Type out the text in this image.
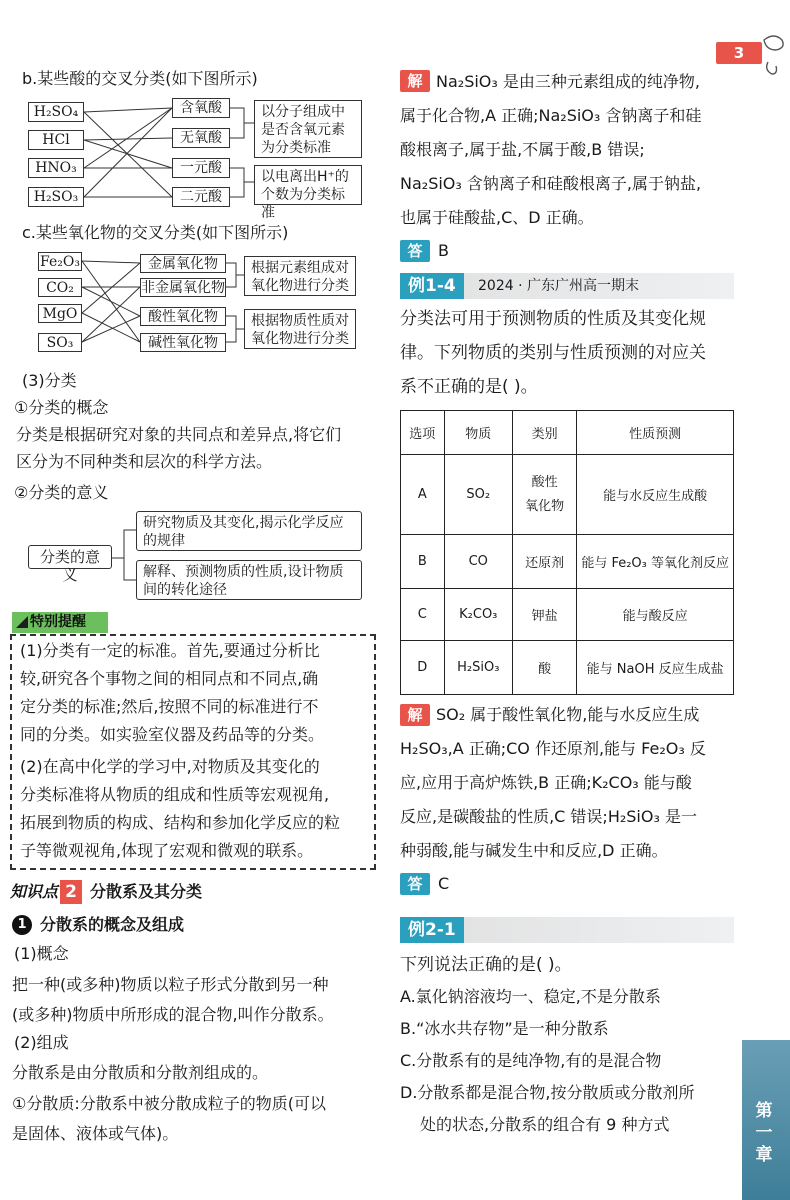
3
第一章
b.某些酸的交叉分类(如下图所示)
H₂SO₄
HCl
HNO₃
H₂SO₃
含氧酸
无氧酸
一元酸
二元酸
以分子组成中是否含氧元素为分类标准
以电离出H⁺的个数为分类标准
c.某些氧化物的交叉分类(如下图所示)
Fe₂O₃
CO₂
MgO
SO₃
金属氧化物
非金属氧化物
酸性氧化物
碱性氧化物
根据元素组成对氧化物进行分类
根据物质性质对氧化物进行分类
(3)分类
①分类的概念
分类是根据研究对象的共同点和差异点,将它们
区分为不同种类和层次的科学方法。
②分类的意义
分类的意义
研究物质及其变化,揭示化学反应的规律
解释、预测物质的性质,设计物质间的转化途径
特别提醒
(1)分类有一定的标准。首先,要通过分析比
较,研究各个事物之间的相同点和不同点,确
定分类的标准;然后,按照不同的标准进行不
同的分类。如实验室仪器及药品等的分类。
(2)在高中化学的学习中,对物质及其变化的
分类标准将从物质的组成和性质等宏观视角,
拓展到物质的构成、结构和参加化学反应的粒
子等微观视角,体现了宏观和微观的联系。
知识点 2 分散系及其分类
1 分散系的概念及组成
(1)概念
把一种(或多种)物质以粒子形式分散到另一种
(或多种)物质中所形成的混合物,叫作分散系。
(2)组成
分散系是由分散质和分散剂组成的。
①分散质:分散系中被分散成粒子的物质(可以
是固体、液体或气体)。
解 Na₂SiO₃ 是由三种元素组成的纯净物,
属于化合物,A 正确;Na₂SiO₃ 含钠离子和硅
酸根离子,属于盐,不属于酸,B 错误;
Na₂SiO₃ 含钠离子和硅酸根离子,属于钠盐,
也属于硅酸盐,C、D 正确。
答 B
例1-4	2024 · 广东广州高一期末
分类法可用于预测物质的性质及其变化规
律。下列物质的类别与性质预测的对应关
系不正确的是( )。
选项	物质	类别	性质预测
A	SO₂	酸性
氧化物	能与水反应生成酸
B	CO	还原剂	能与 Fe₂O₃ 等氧化剂反应
C	K₂CO₃	钾盐	能与酸反应
D	H₂SiO₃	酸	能与 NaOH 反应生成盐
解 SO₂ 属于酸性氧化物,能与水反应生成
H₂SO₃,A 正确;CO 作还原剂,能与 Fe₂O₃ 反
应,应用于高炉炼铁,B 正确;K₂CO₃ 能与酸
反应,是碳酸盐的性质,C 错误;H₂SiO₃ 是一
种弱酸,能与碱发生中和反应,D 正确。
答 C
例2-1
下列说法正确的是( )。
A.氯化钠溶液均一、稳定,不是分散系
B.“冰水共存物”是一种分散系
C.分散系有的是纯净物,有的是混合物
D.分散系都是混合物,按分散质或分散剂所
处的状态,分散系的组合有 9 种方式
